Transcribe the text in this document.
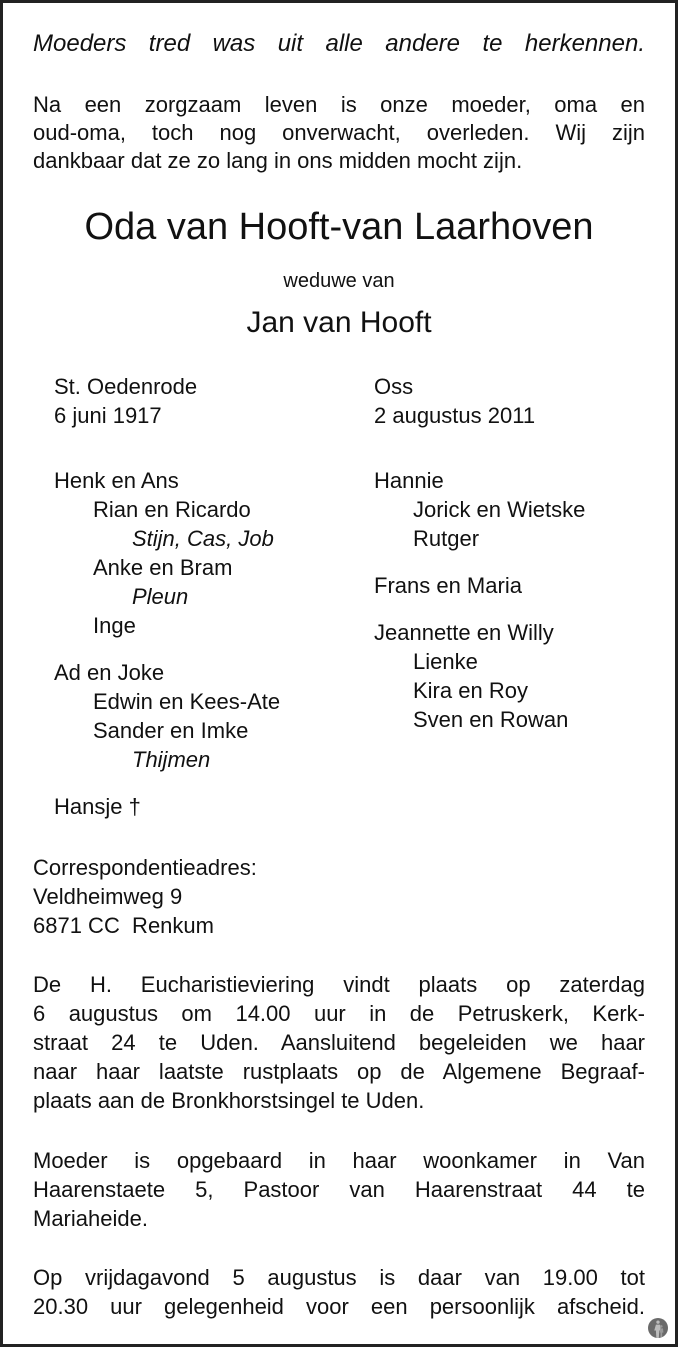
Moeders tred was uit alle andere te herkennen.
Na een zorgzaam leven is onze moeder, oma en
oud-oma, toch nog onverwacht, overleden. Wij zijn
dankbaar dat ze zo lang in ons midden mocht zijn.
Oda van Hooft-van Laarhoven
weduwe van
Jan van Hooft
St. Oedenrode
6 juni 1917
Oss
2 augustus 2011
Henk en Ans
Rian en Ricardo
Stijn, Cas, Job
Anke en Bram
Pleun
Inge
Ad en Joke
Edwin en Kees-Ate
Sander en Imke
Thijmen
Hansje †
Hannie
Jorick en Wietske
Rutger
Frans en Maria
Jeannette en Willy
Lienke
Kira en Roy
Sven en Rowan
Correspondentieadres:
Veldheimweg 9
6871 CC  Renkum
De H. Eucharistieviering vindt plaats op zaterdag
6 augustus om 14.00 uur in de Petruskerk, Kerk-
straat 24 te Uden. Aansluitend begeleiden we haar
naar haar laatste rustplaats op de Algemene Begraaf-
plaats aan de Bronkhorstsingel te Uden.
Moeder is opgebaard in haar woonkamer in Van
Haarenstaete 5, Pastoor van Haarenstraat 44 te
Mariaheide.
Op vrijdagavond 5 augustus is daar van 19.00 tot
20.30 uur gelegenheid voor een persoonlijk afscheid.
